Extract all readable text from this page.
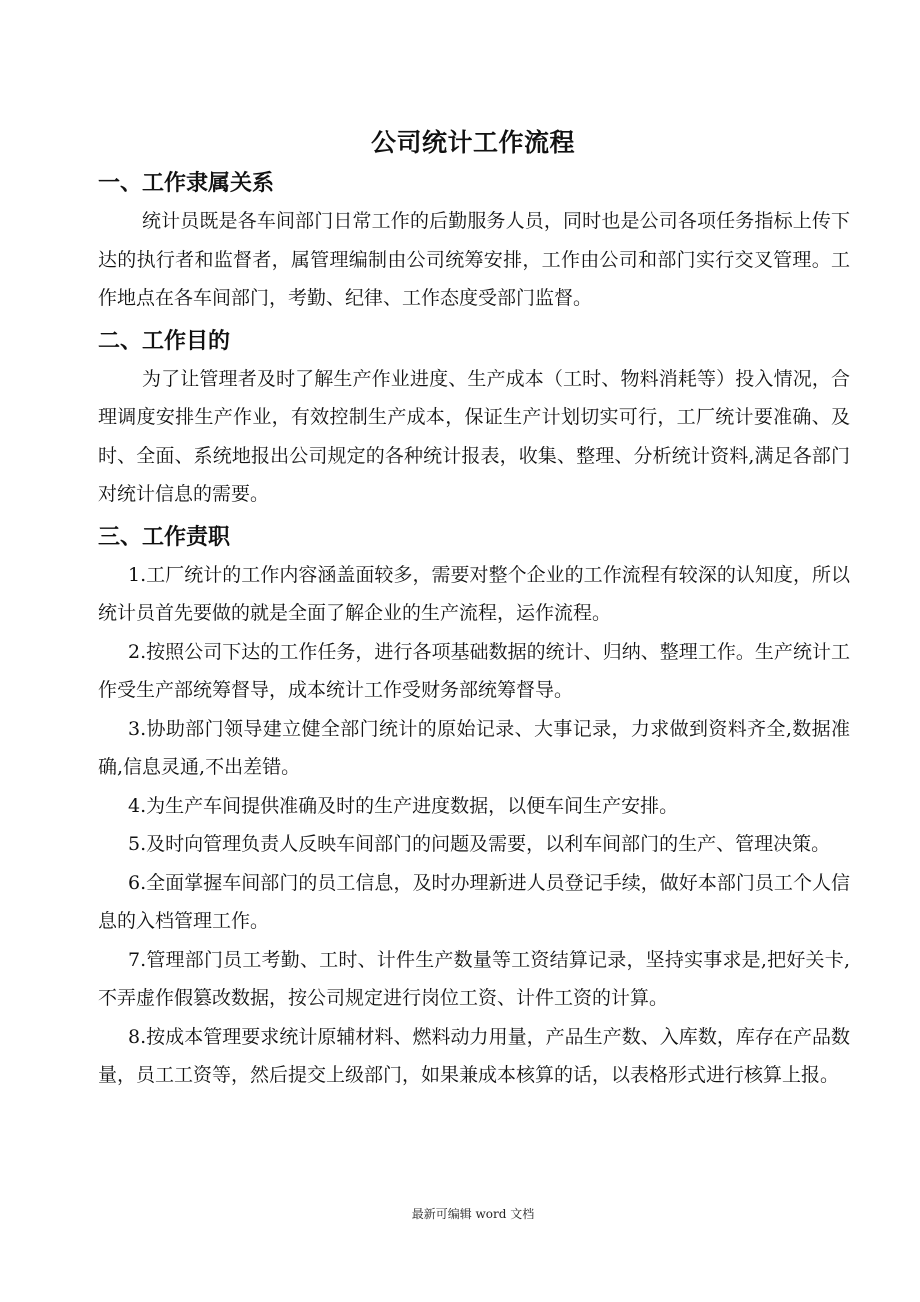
公司统计工作流程
一、工作隶属关系

统计员既是各车间部门日常工作的后勤服务人员，同时也是公司各项任务指标上传下达的执行者和监督者，属管理编制由公司统筹安排，工作由公司和部门实行交叉管理。工作地点在各车间部门，考勤、纪律、工作态度受部门监督。

二、工作目的

为了让管理者及时了解生产作业进度、生产成本（工时、物料消耗等）投入情况，合理调度安排生产作业，有效控制生产成本，保证生产计划切实可行，工厂统计要准确、及时、全面、系统地报出公司规定的各种统计报表，收集、整理、分析统计资料,满足各部门对统计信息的需要。

三、工作责职

1.工厂统计的工作内容涵盖面较多，需要对整个企业的工作流程有较深的认知度，所以统计员首先要做的就是全面了解企业的生产流程，运作流程。

2.按照公司下达的工作任务，进行各项基础数据的统计、归纳、整理工作。生产统计工作受生产部统筹督导，成本统计工作受财务部统筹督导。

3.协助部门领导建立健全部门统计的原始记录、大事记录，力求做到资料齐全,数据准确,信息灵通,不出差错。

4.为生产车间提供准确及时的生产进度数据，以便车间生产安排。

5.及时向管理负责人反映车间部门的问题及需要，以利车间部门的生产、管理决策。

6.全面掌握车间部门的员工信息，及时办理新进人员登记手续，做好本部门员工个人信息的入档管理工作。

7.管理部门员工考勤、工时、计件生产数量等工资结算记录，坚持实事求是,把好关卡,不弄虚作假篡改数据，按公司规定进行岗位工资、计件工资的计算。

8.按成本管理要求统计原辅材料、燃料动力用量，产品生产数、入库数，库存在产品数量，员工工资等，然后提交上级部门，如果兼成本核算的话，以表格形式进行核算上报。

最新可编辑 word 文档
